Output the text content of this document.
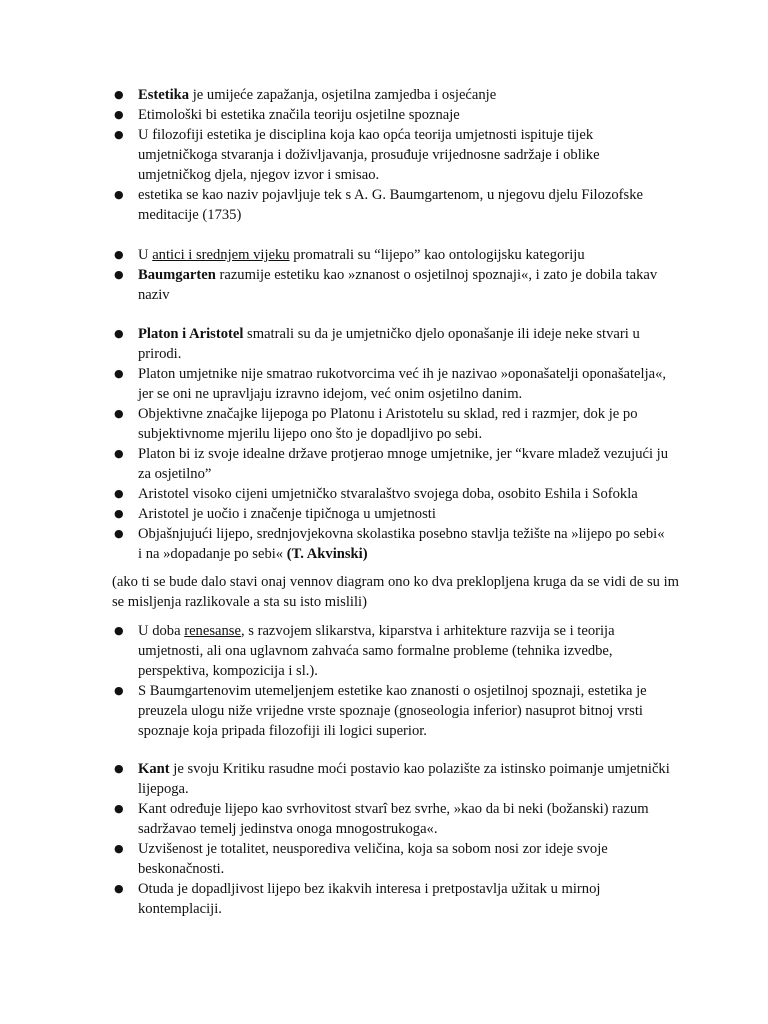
● Estetika je umijeće zapažanja, osjetilna zamjedba i osjećanje
● Etimološki bi estetika značila teoriju osjetilne spoznaje
● U filozofiji estetika je disciplina koja kao opća teorija umjetnosti ispituje tijek umjetničkoga stvaranja i doživljavanja, prosuđuje vrijednosne sadržaje i oblike umjetničkog djela, njegov izvor i smisao.
● estetika se kao naziv pojavljuje tek s A. G. Baumgartenom, u njegovu djelu Filozofske meditacije (1735)
● U antici i srednjem vijeku promatrali su “lijepo” kao ontologijsku kategoriju
● Baumgarten razumije estetiku kao »znanost o osjetilnoj spoznaji«, i zato je dobila takav naziv
● Platon i Aristotel smatrali su da je umjetničko djelo oponašanje ili ideje neke stvari u prirodi.
● Platon umjetnike nije smatrao rukotvorcima već ih je nazivao »oponašatelji oponašatelja«, jer se oni ne upravljaju izravno idejom, već onim osjetilno danim.
● Objektivne značajke lijepoga po Platonu i Aristotelu su sklad, red i razmjer, dok je po subjektivnome mjerilu lijepo ono što je dopadljivo po sebi.
● Platon bi iz svoje idealne države protjerao mnoge umjetnike, jer “kvare mladež vezujući ju za osjetilno”
● Aristotel visoko cijeni umjetničko stvaralaštvo svojega doba, osobito Eshila i Sofokla
● Aristotel je uočio i značenje tipičnoga u umjetnosti
● Objašnjujući lijepo, srednjovjekovna skolastika posebno stavlja težište na »lijepo po sebi« i na »dopadanje po sebi« (T. Akvinski)
(ako ti se bude dalo stavi onaj vennov diagram ono ko dva preklopljena kruga da se vidi de su im se misljenja razlikovale a sta su isto mislili)
● U doba renesanse, s razvojem slikarstva, kiparstva i arhitekture razvija se i teorija umjetnosti, ali ona uglavnom zahvaća samo formalne probleme (tehnika izvedbe, perspektiva, kompozicija i sl.).
● S Baumgartenovim utemeljenjem estetike kao znanosti o osjetilnoj spoznaji, estetika je preuzela ulogu niže vrijedne vrste spoznaje (gnoseologia inferior) nasuprot bitnoj vrsti spoznaje koja pripada filozofiji ili logici superior.
● Kant je svoju Kritiku rasudne moći postavio kao polazište za istinsko poimanje umjetnički lijepoga.
● Kant određuje lijepo kao svrhovitost stvarî bez svrhe, »kao da bi neki (božanski) razum sadržavao temelj jedinstva onoga mnogostrukoga«.
● Uzvišenost je totalitet, neusporediva veličina, koja sa sobom nosi zor ideje svoje beskonačnosti.
● Otuda je dopadljivost lijepo bez ikakvih interesa i pretpostavlja užitak u mirnoj kontemplaciji.
